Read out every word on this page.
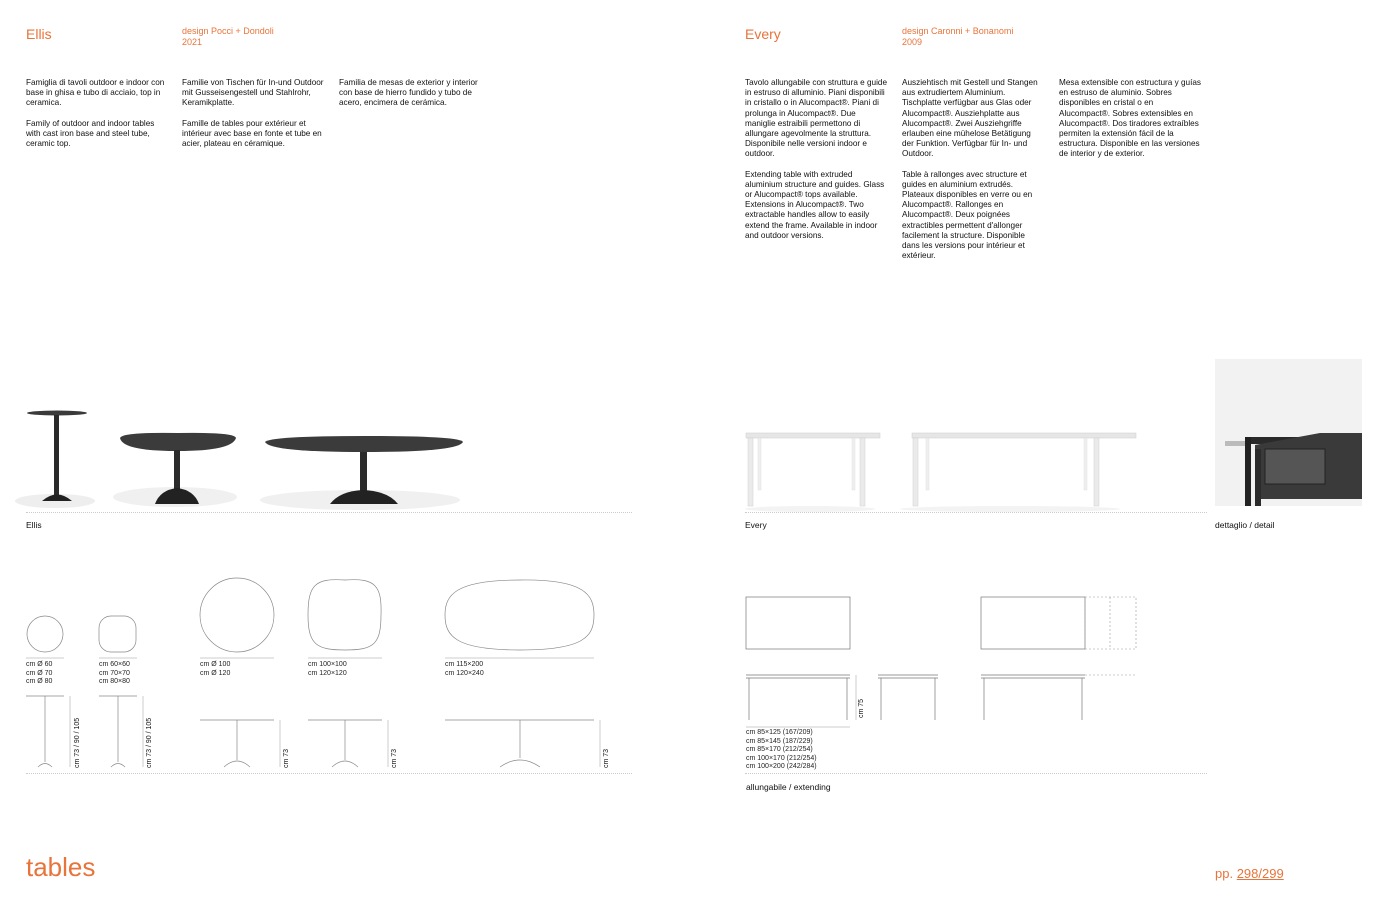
Ellis	design Pocci + Dondoli
2021

Famiglia di tavoli outdoor e indoor con base in ghisa e tubo di acciaio, top in ceramica.

Family of outdoor and indoor tables with cast iron base and steel tube, ceramic top.

Familie von Tischen für In-und Outdoor mit Gusseisengestell und Stahlrohr, Keramikplatte.

Famille de tables pour extérieur et intérieur avec base en fonte et tube en acier, plateau en céramique.

Familia de mesas de exterior y interior con base de hierro fundido y tubo de acero, encimera de cerámica.

Every	design Caronni + Bonanomi
2009

Tavolo allungabile con struttura e guide in estruso di alluminio. Piani disponibili in cristallo o in Alucompact®. Piani di prolunga in Alucompact®. Due maniglie estraibili permettono di allungare agevolmente la struttura. Disponibile nelle versioni indoor e outdoor.

Extending table with extruded aluminium structure and guides. Glass or Alucompact® tops available. Extensions in Alucompact®. Two extractable handles allow to easily extend the frame. Available in indoor and outdoor versions.

Ausziehtisch mit Gestell und Stangen aus extrudiertem Aluminium. Tischplatte verfügbar aus Glas oder Alucompact®. Ausziehplatte aus Alucompact®. Zwei Ausziehgriffe erlauben eine mühelose Betätigung der Funktion. Verfügbar für In- und Outdoor.

Table à rallonges avec structure et guides en aluminium extrudés. Plateaux disponibles en verre ou en Alucompact®. Rallonges en Alucompact®. Deux poignées extractibles permettent d'allonger facilement la structure. Disponible dans les versions pour intérieur et extérieur.

Mesa extensible con estructura y guías en estruso de aluminio. Sobres disponibles en cristal o en Alucompact®. Sobres extensibles en Alucompact®. Dos tiradores extraíbles permiten la extensión fácil de la estructura. Disponible en las versiones de interior y de exterior.

Ellis	Every	dettaglio / detail
cm Ø 60
cm Ø 70
cm Ø 80
cm 60×60
cm 70×70
cm 80×80
cm Ø 100
cm Ø 120
cm 100×100
cm 120×120
cm 115×200
cm 120×240
cm 73 / 90 / 105	cm 73 / 90 / 105	cm 73	cm 73	cm 73
cm 75
cm 85×125 (167/209)
cm 85×145 (187/229)
cm 85×170 (212/254)
cm 100×170 (212/254)
cm 100×200 (242/284)
allungabile / extending
tables	pp. 298/299
